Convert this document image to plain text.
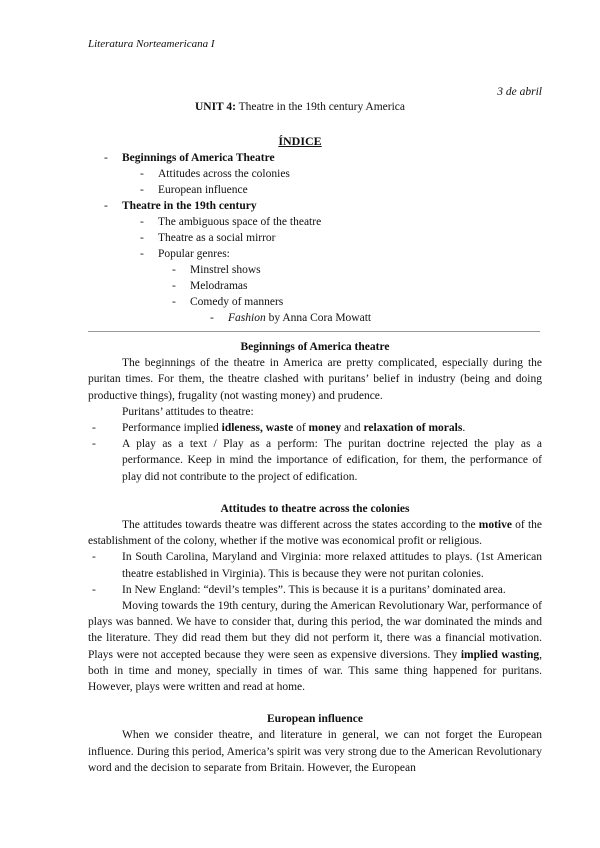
Literatura Norteamericana I
3 de abril
UNIT 4: Theatre in the 19th century America
ÍNDICE
- Beginnings of America Theatre
- Attitudes across the colonies
- European influence
- Theatre in the 19th century
- The ambiguous space of the theatre
- Theatre as a social mirror
- Popular genres:
- Minstrel shows
- Melodramas
- Comedy of manners
- Fashion by Anna Cora Mowatt
Beginnings of America theatre

The beginnings of the theatre in America are pretty complicated, especially during the puritan times. For them, the theatre clashed with puritans’ belief in industry (being and doing productive things), frugality (not wasting money) and prudence.

Puritans’ attitudes to theatre:

- Performance implied idleness, waste of money and relaxation of morals.
- A play as a text / Play as a perform: The puritan doctrine rejected the play as a performance. Keep in mind the importance of edification, for them, the performance of play did not contribute to the project of edification.
Attitudes to theatre across the colonies

The attitudes towards theatre was different across the states according to the motive of the establishment of the colony, whether if the motive was economical profit or religious.

- In South Carolina, Maryland and Virginia: more relaxed attitudes to plays. (1st American theatre established in Virginia). This is because they were not puritan colonies.
- In New England: “devil’s temples”. This is because it is a puritans’ dominated area.

Moving towards the 19th century, during the American Revolutionary War, performance of plays was banned. We have to consider that, during this period, the war dominated the minds and the literature. They did read them but they did not perform it, there was a financial motivation. Plays were not accepted because they were seen as expensive diversions. They implied wasting, both in time and money, specially in times of war. This same thing happened for puritans. However, plays were written and read at home.

European influence

When we consider theatre, and literature in general, we can not forget the European influence. During this period, America’s spirit was very strong due to the American Revolutionary word and the decision to separate from Britain. However, the European
